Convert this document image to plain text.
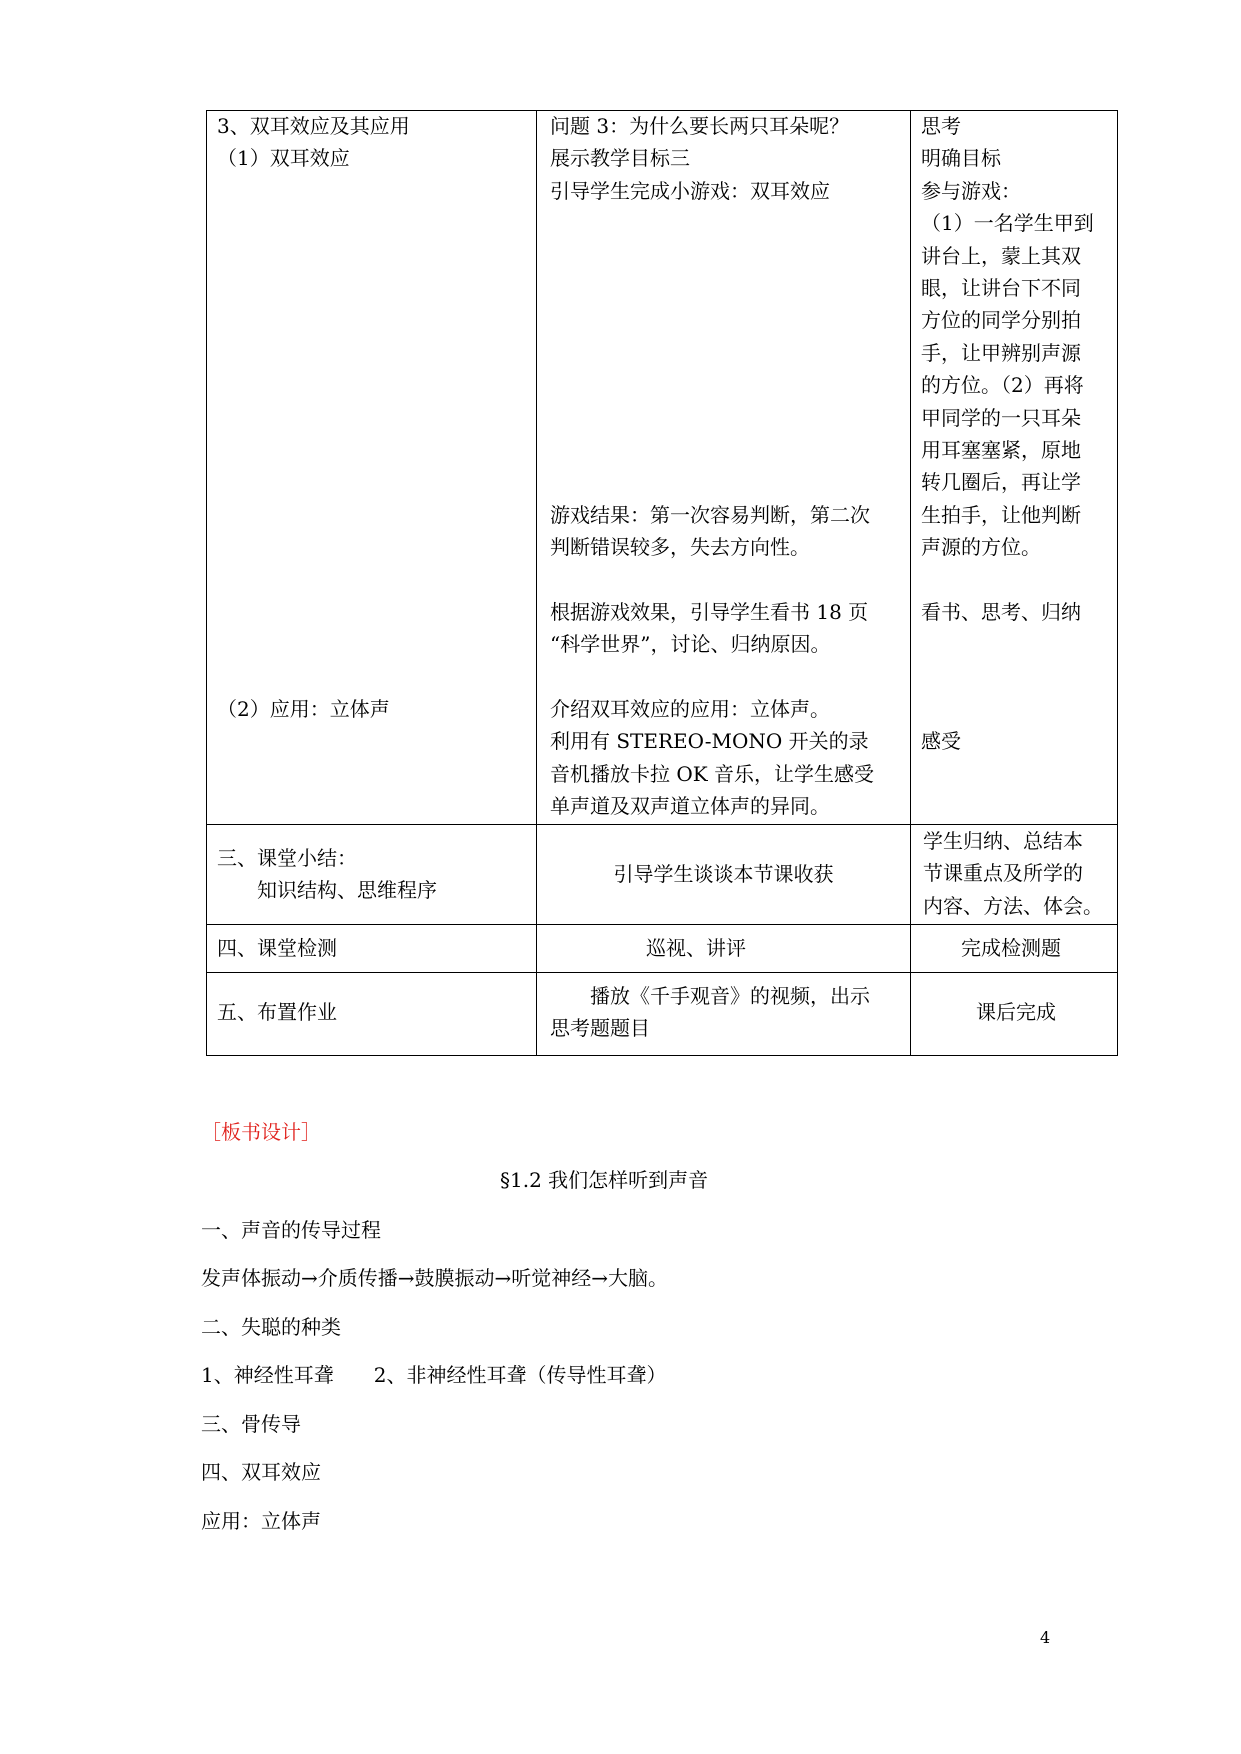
3、双耳效应及其应用
（1）双耳效应
（2）应用：立体声
问题 3：为什么要长两只耳朵呢？
展示教学目标三
引导学生完成小游戏：双耳效应
游戏结果：第一次容易判断，第二次
判断错误较多，失去方向性。
根据游戏效果，引导学生看书 18 页
“科学世界”，讨论、归纳原因。
介绍双耳效应的应用：立体声。
利用有 STEREO-MONO 开关的录
音机播放卡拉 OK 音乐，让学生感受
单声道及双声道立体声的异同。
思考
明确目标
参与游戏：
（1）一名学生甲到
讲台上，蒙上其双
眼，让讲台下不同
方位的同学分别拍
手，让甲辨别声源
的方位。（2）再将
甲同学的一只耳朵
用耳塞塞紧，原地
转几圈后，再让学
生拍手，让他判断
声源的方位。
看书、思考、归纳
感受
三、课堂小结：
　　知识结构、思维程序
引导学生谈谈本节课收获
学生归纳、总结本
节课重点及所学的
内容、方法、体会。
四、课堂检测	巡视、讲评	完成检测题
五、布置作业
　　播放《千手观音》的视频，出示
思考题题目
课后完成
［板书设计］
§1.2 我们怎样听到声音
一、声音的传导过程
发声体振动→介质传播→鼓膜振动→听觉神经→大脑。
二、失聪的种类
1、神经性耳聋　　2、非神经性耳聋（传导性耳聋）
三、骨传导
四、双耳效应
应用：立体声
4
